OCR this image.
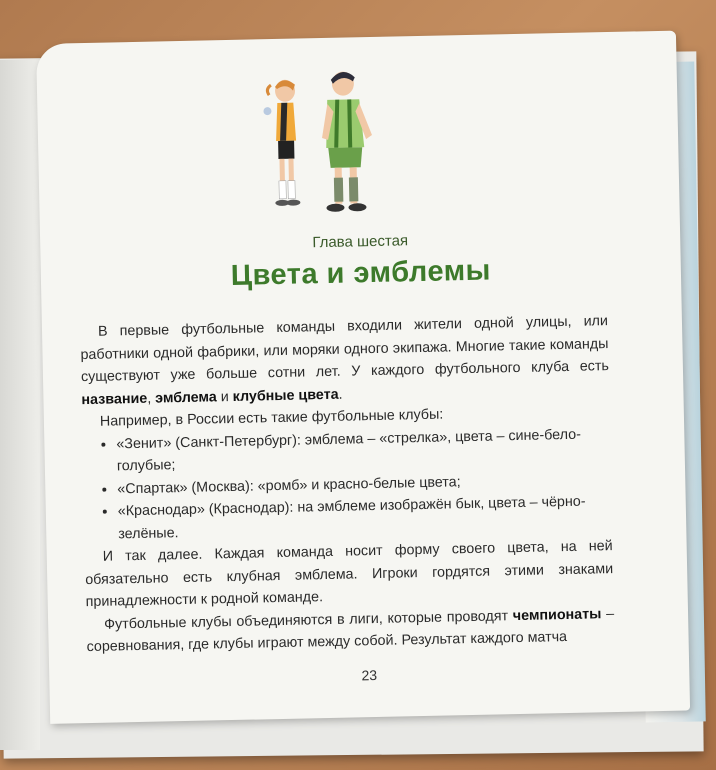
Глава шестая
Цвета и эмблемы

В первые футбольные команды входили жители одной улицы, или работники одной фабрики, или моряки одного экипажа. Многие такие команды существуют уже больше сотни лет. У каждого футбольного клуба есть название, эмблема и клубные цвета.

Например, в России есть такие футбольные клубы:

• «Зенит» (Санкт-Петербург): эмблема – «стрелка», цвета – сине-бело-голубые;
• «Спартак» (Москва): «ромб» и красно-белые цвета;
• «Краснодар» (Краснодар): на эмблеме изображён бык, цвета – чёрно-зелёные.

И так далее. Каждая команда носит форму своего цвета, на ней обязательно есть клубная эмблема. Игроки гордятся этими знаками принадлежности к родной команде.

Футбольные клубы объединяются в лиги, которые проводят чемпионаты – соревнования, где клубы играют между собой. Результат каждого матча

23
